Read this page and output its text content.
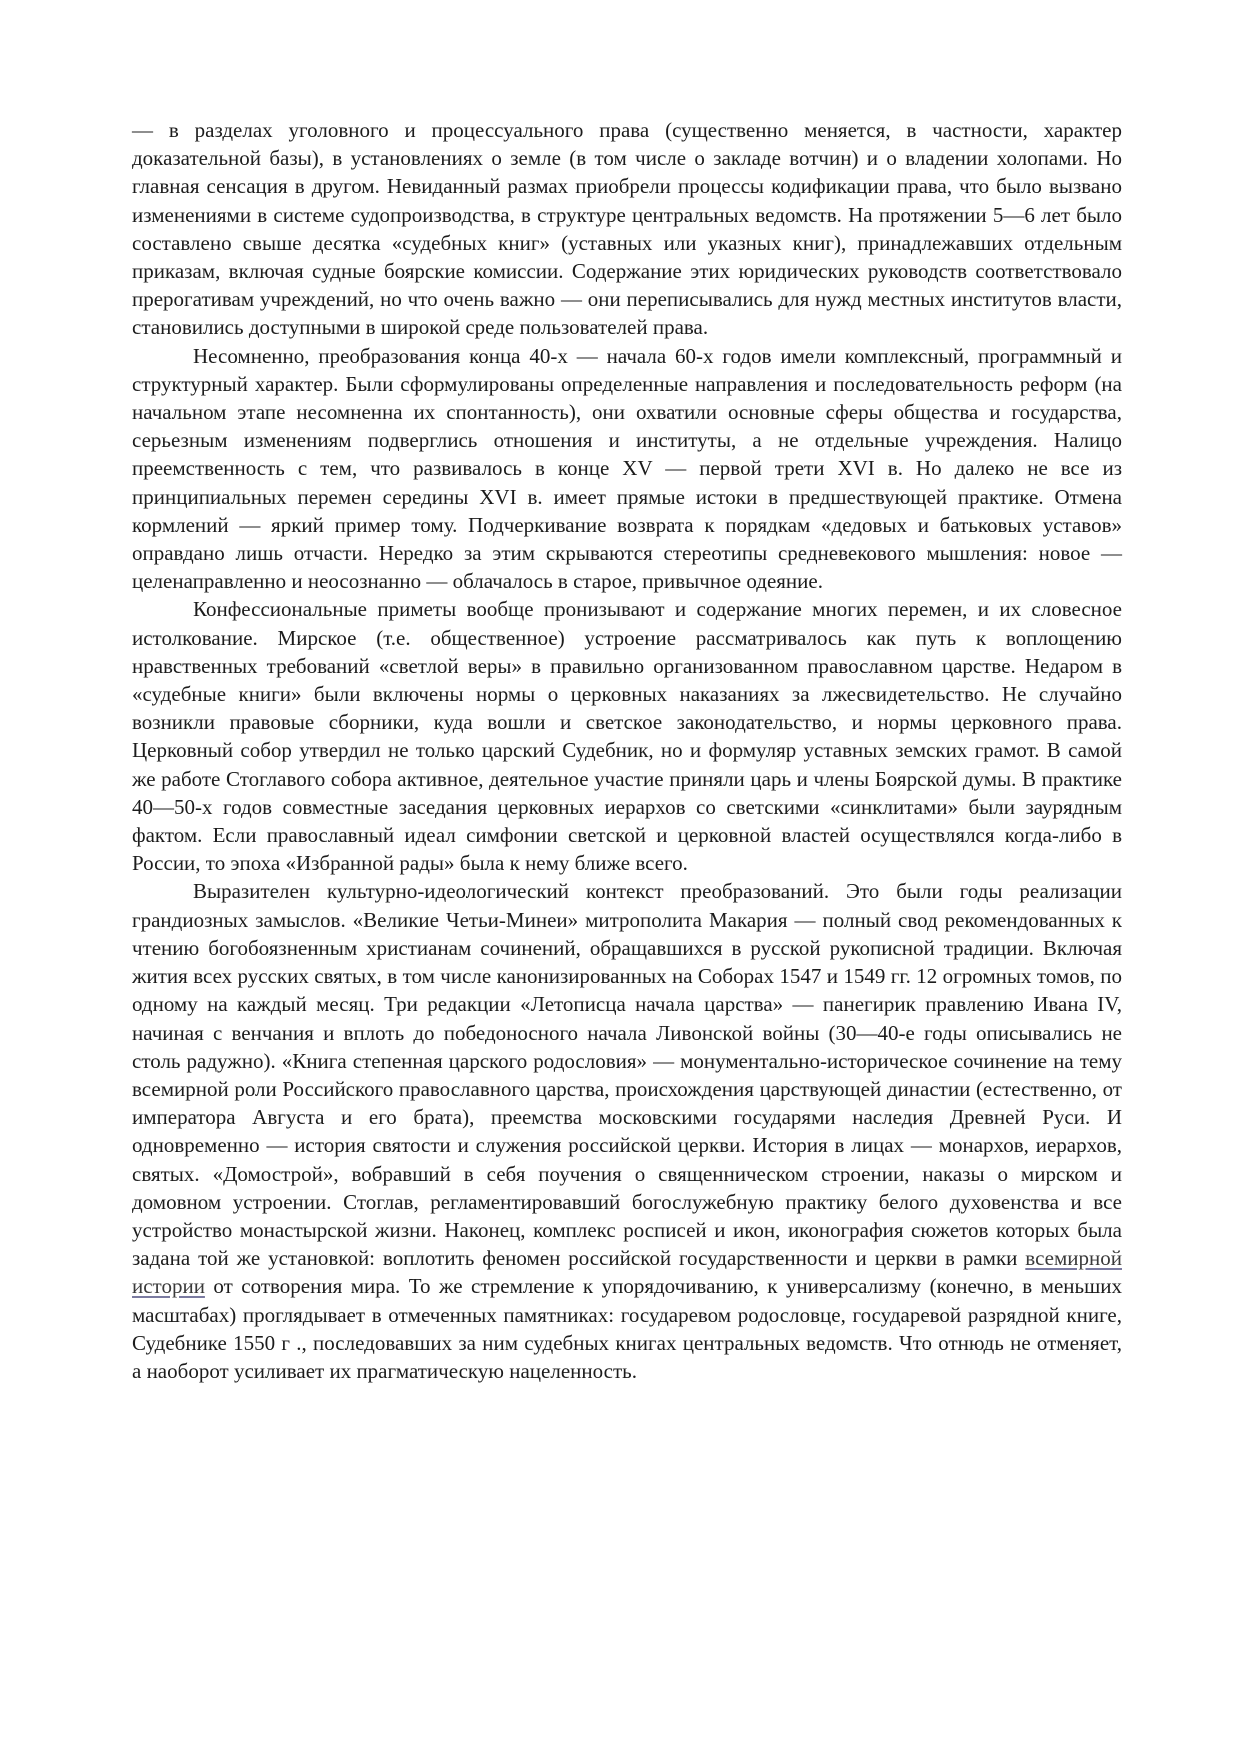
— в разделах уголовного и процессуального права (существенно меняется, в частности, характер доказательной базы), в установлениях о земле (в том числе о закладе вотчин) и о владении холопами. Но главная сенсация в другом. Невиданный размах приобрели процессы кодификации права, что было вызвано изменениями в системе судопроизводства, в структуре центральных ведомств. На протяжении 5—6 лет было составлено свыше десятка «судебных книг» (уставных или указных книг), принадлежавших отдельным приказам, включая судные боярские комиссии. Содержание этих юридических руководств соответствовало прерогативам учреждений, но что очень важно — они переписывались для нужд местных институтов власти, становились доступными в широкой среде пользователей права.

Несомненно, преобразования конца 40-х — начала 60-х годов имели комплексный, программный и структурный характер. Были сформулированы определенные направления и последовательность реформ (на начальном этапе несомненна их спонтанность), они охватили основные сферы общества и государства, серьезным изменениям подверглись отношения и институты, а не отдельные учреждения. Налицо преемственность с тем, что развивалось в конце XV — первой трети XVI в. Но далеко не все из принципиальных перемен середины XVI в. имеет прямые истоки в предшествующей практике. Отмена кормлений — яркий пример тому. Подчеркивание возврата к порядкам «дедовых и батьковых уставов» оправдано лишь отчасти. Нередко за этим скрываются стереотипы средневекового мышления: новое — целенаправленно и неосознанно — облачалось в старое, привычное одеяние.

Конфессиональные приметы вообще пронизывают и содержание многих перемен, и их словесное истолкование. Мирское (т.е. общественное) устроение рассматривалось как путь к воплощению нравственных требований «светлой веры» в правильно организованном православном царстве. Недаром в «судебные книги» были включены нормы о церковных наказаниях за лжесвидетельство. Не случайно возникли правовые сборники, куда вошли и светское законодательство, и нормы церковного права. Церковный собор утвердил не только царский Судебник, но и формуляр уставных земских грамот. В самой же работе Стоглавого собора активное, деятельное участие приняли царь и члены Боярской думы. В практике 40—50-х годов совместные заседания церковных иерархов со светскими «синклитами» были заурядным фактом. Если православный идеал симфонии светской и церковной властей осуществлялся когда-либо в России, то эпоха «Избранной рады» была к нему ближе всего.

Выразителен культурно-идеологический контекст преобразований. Это были годы реализации грандиозных замыслов. «Великие Четьи-Минеи» митрополита Макария — полный свод рекомендованных к чтению богобоязненным христианам сочинений, обращавшихся в русской рукописной традиции. Включая жития всех русских святых, в том числе канонизированных на Соборах 1547 и 1549 гг. 12 огромных томов, по одному на каждый месяц. Три редакции «Летописца начала царства» — панегирик правлению Ивана IV, начиная с венчания и вплоть до победоносного начала Ливонской войны (30—40-е годы описывались не столь радужно). «Книга степенная царского родословия» — монументально-историческое сочинение на тему всемирной роли Российского православного царства, происхождения царствующей династии (естественно, от императора Августа и его брата), преемства московскими государями наследия Древней Руси. И одновременно — история святости и служения российской церкви. История в лицах — монархов, иерархов, святых. «Домострой», вобравший в себя поучения о священническом строении, наказы о мирском и домовном устроении. Стоглав, регламентировавший богослужебную практику белого духовенства и все устройство монастырской жизни. Наконец, комплекс росписей и икон, иконография сюжетов которых была задана той же установкой: воплотить феномен российской государственности и церкви в рамки всемирной истории от сотворения мира. То же стремление к упорядочиванию, к универсализму (конечно, в меньших масштабах) проглядывает в отмеченных памятниках: государевом родословце, государевой разрядной книге, Судебнике 1550 г ., последовавших за ним судебных книгах центральных ведомств. Что отнюдь не отменяет, а наоборот усиливает их прагматическую нацеленность.
